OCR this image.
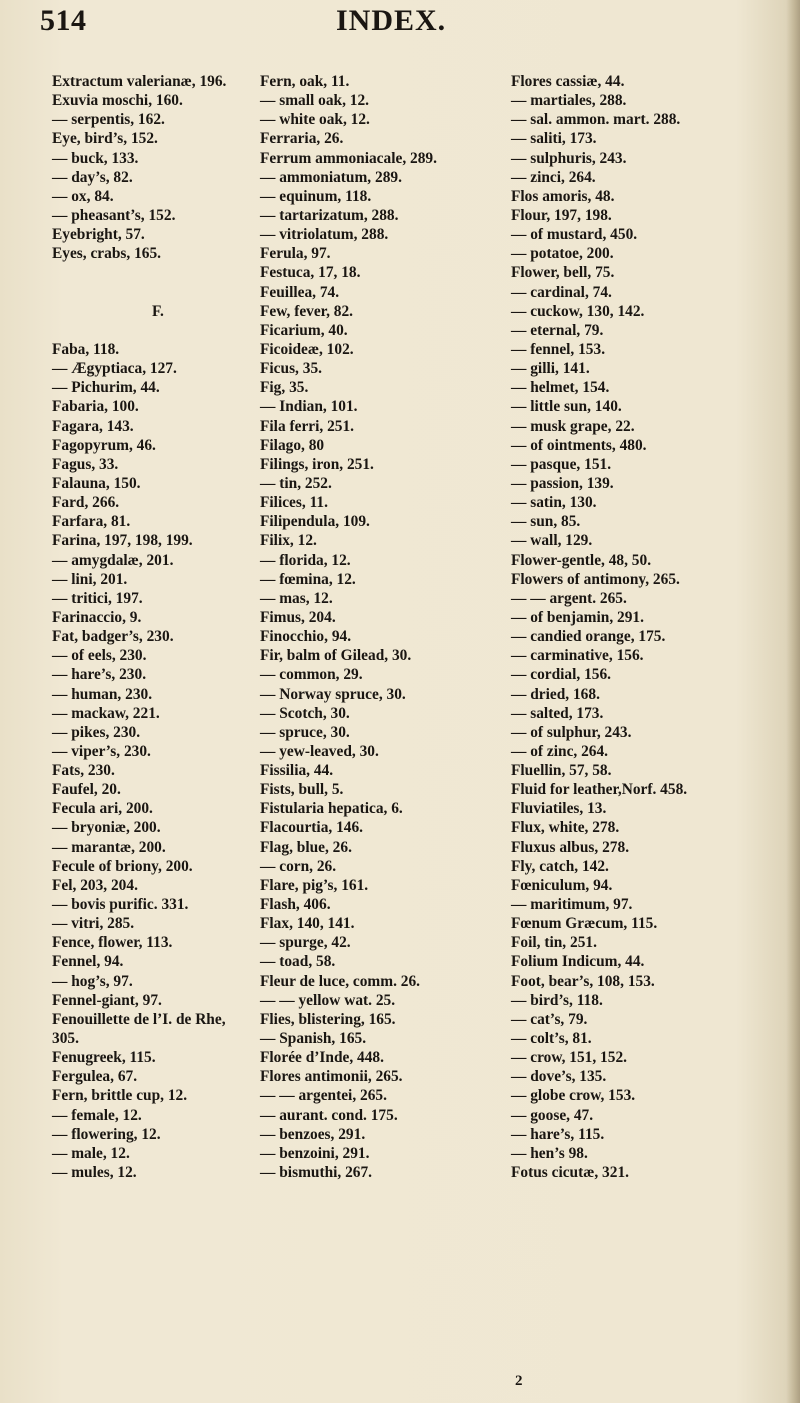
514	INDEX.
Extractum valerianæ, 196.
Exuvia moschi, 160.
— serpentis, 162.
Eye, bird’s, 152.
— buck, 133.
— day’s, 82.
— ox, 84.
— pheasant’s, 152.
Eyebright, 57.
Eyes, crabs, 165.
F.
Faba, 118.
— Ægyptiaca, 127.
— Pichurim, 44.
Fabaria, 100.
Fagara, 143.
Fagopyrum, 46.
Fagus, 33.
Falauna, 150.
Fard, 266.
Farfara, 81.
Farina, 197, 198, 199.
— amygdalæ, 201.
— lini, 201.
— tritici, 197.
Farinaccio, 9.
Fat, badger’s, 230.
— of eels, 230.
— hare’s, 230.
— human, 230.
— mackaw, 221.
— pikes, 230.
— viper’s, 230.
Fats, 230.
Faufel, 20.
Fecula ari, 200.
— bryoniæ, 200.
— marantæ, 200.
Fecule of briony, 200.
Fel, 203, 204.
— bovis purific. 331.
— vitri, 285.
Fence, flower, 113.
Fennel, 94.
— hog’s, 97.
Fennel-giant, 97.
Fenouillette de l’I. de Rhe,
305.
Fenugreek, 115.
Fergulea, 67.
Fern, brittle cup, 12.
— female, 12.
— flowering, 12.
— male, 12.
— mules, 12.
Fern, oak, 11.
— small oak, 12.
— white oak, 12.
Ferraria, 26.
Ferrum ammoniacale, 289.
— ammoniatum, 289.
— equinum, 118.
— tartarizatum, 288.
— vitriolatum, 288.
Ferula, 97.
Festuca, 17, 18.
Feuillea, 74.
Few, fever, 82.
Ficarium, 40.
Ficoideæ, 102.
Ficus, 35.
Fig, 35.
— Indian, 101.
Fila ferri, 251.
Filago, 80
Filings, iron, 251.
— tin, 252.
Filices, 11.
Filipendula, 109.
Filix, 12.
— florida, 12.
— fœmina, 12.
— mas, 12.
Fimus, 204.
Finocchio, 94.
Fir, balm of Gilead, 30.
— common, 29.
— Norway spruce, 30.
— Scotch, 30.
— spruce, 30.
— yew-leaved, 30.
Fissilia, 44.
Fists, bull, 5.
Fistularia hepatica, 6.
Flacourtia, 146.
Flag, blue, 26.
— corn, 26.
Flare, pig’s, 161.
Flash, 406.
Flax, 140, 141.
— spurge, 42.
— toad, 58.
Fleur de luce, comm. 26.
— — yellow wat. 25.
Flies, blistering, 165.
— Spanish, 165.
Florée d’Inde, 448.
Flores antimonii, 265.
— — argentei, 265.
— aurant. cond. 175.
— benzoes, 291.
— benzoini, 291.
— bismuthi, 267.
Flores cassiæ, 44.
— martiales, 288.
— sal. ammon. mart. 288.
— saliti, 173.
— sulphuris, 243.
— zinci, 264.
Flos amoris, 48.
Flour, 197, 198.
— of mustard, 450.
— potatoe, 200.
Flower, bell, 75.
— cardinal, 74.
— cuckow, 130, 142.
— eternal, 79.
— fennel, 153.
— gilli, 141.
— helmet, 154.
— little sun, 140.
— musk grape, 22.
— of ointments, 480.
— pasque, 151.
— passion, 139.
— satin, 130.
— sun, 85.
— wall, 129.
Flower-gentle, 48, 50.
Flowers of antimony, 265.
— — argent. 265.
— of benjamin, 291.
— candied orange, 175.
— carminative, 156.
— cordial, 156.
— dried, 168.
— salted, 173.
— of sulphur, 243.
— of zinc, 264.
Fluellin, 57, 58.
Fluid for leather,Norf. 458.
Fluviatiles, 13.
Flux, white, 278.
Fluxus albus, 278.
Fly, catch, 142.
Fœniculum, 94.
— maritimum, 97.
Fœnum Græcum, 115.
Foil, tin, 251.
Folium Indicum, 44.
Foot, bear’s, 108, 153.
— bird’s, 118.
— cat’s, 79.
— colt’s, 81.
— crow, 151, 152.
— dove’s, 135.
— globe crow, 153.
— goose, 47.
— hare’s, 115.
— hen’s 98.
Fotus cicutæ, 321.
2
